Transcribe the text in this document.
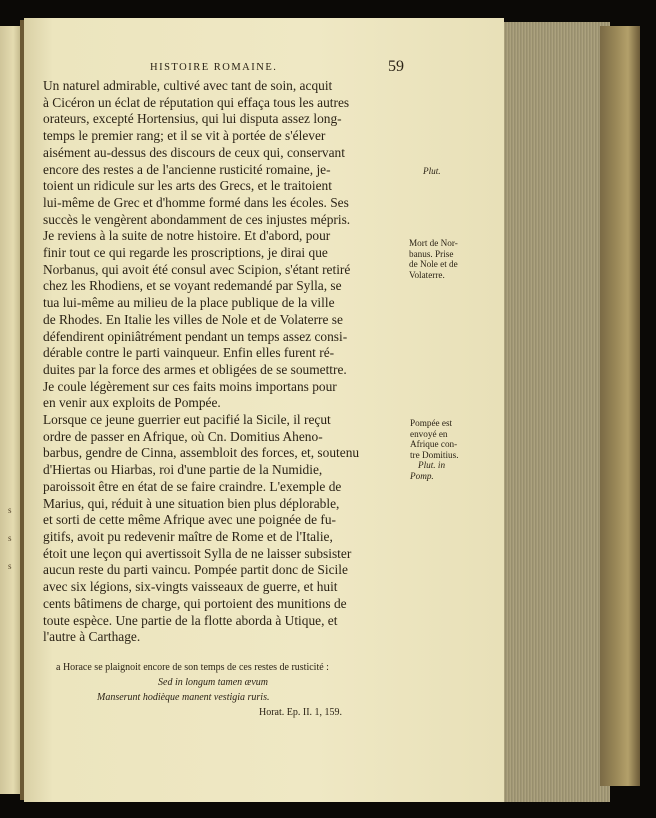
s
s
s
HISTOIRE ROMAINE.	59
Un naturel admirable, cultivé avec tant de soin, acquit
à Cicéron un éclat de réputation qui effaça tous les autres
orateurs, excepté Hortensius, qui lui disputa assez long-
temps le premier rang; et il se vit à portée de s'élever
aisément au-dessus des discours de ceux qui, conservant
encore des restes a de l'ancienne rusticité romaine, je-
toient un ridicule sur les arts des Grecs, et le traitoient
lui-même de Grec et d'homme formé dans les écoles. Ses
succès le vengèrent abondamment de ces injustes mépris.
Je reviens à la suite de notre histoire. Et d'abord, pour
finir tout ce qui regarde les proscriptions, je dirai que
Norbanus, qui avoit été consul avec Scipion, s'étant retiré
chez les Rhodiens, et se voyant redemandé par Sylla, se
tua lui-même au milieu de la place publique de la ville
de Rhodes. En Italie les villes de Nole et de Volaterre se
défendirent opiniâtrément pendant un temps assez consi-
dérable contre le parti vainqueur. Enfin elles furent ré-
duites par la force des armes et obligées de se soumettre.
Je coule légèrement sur ces faits moins importans pour
en venir aux exploits de Pompée.
Lorsque ce jeune guerrier eut pacifié la Sicile, il reçut
ordre de passer en Afrique, où Cn. Domitius Aheno-
barbus, gendre de Cinna, assembloit des forces, et, soutenu
d'Hiertas ou Hiarbas, roi d'une partie de la Numidie,
paroissoit être en état de se faire craindre. L'exemple de
Marius, qui, réduit à une situation bien plus déplorable,
et sorti de cette même Afrique avec une poignée de fu-
gitifs, avoit pu redevenir maître de Rome et de l'Italie,
étoit une leçon qui avertissoit Sylla de ne laisser subsister
aucun reste du parti vaincu. Pompée partit donc de Sicile
avec six légions, six-vingts vaisseaux de guerre, et huit
cents bâtimens de charge, qui portoient des munitions de
toute espèce. Une partie de la flotte aborda à Utique, et
l'autre à Carthage.
Plut.
Mort de Nor-
banus. Prise
de Nole et de
Volaterre.
Pompée est
envoyé en
Afrique con-
tre Domitius.
Plut. in
Pomp.
a Horace se plaignoit encore de son temps de ces restes de rusticité :
Sed in longum tamen ævum
Manserunt hodièque manent vestigia ruris.
Horat. Ep. II. 1, 159.
